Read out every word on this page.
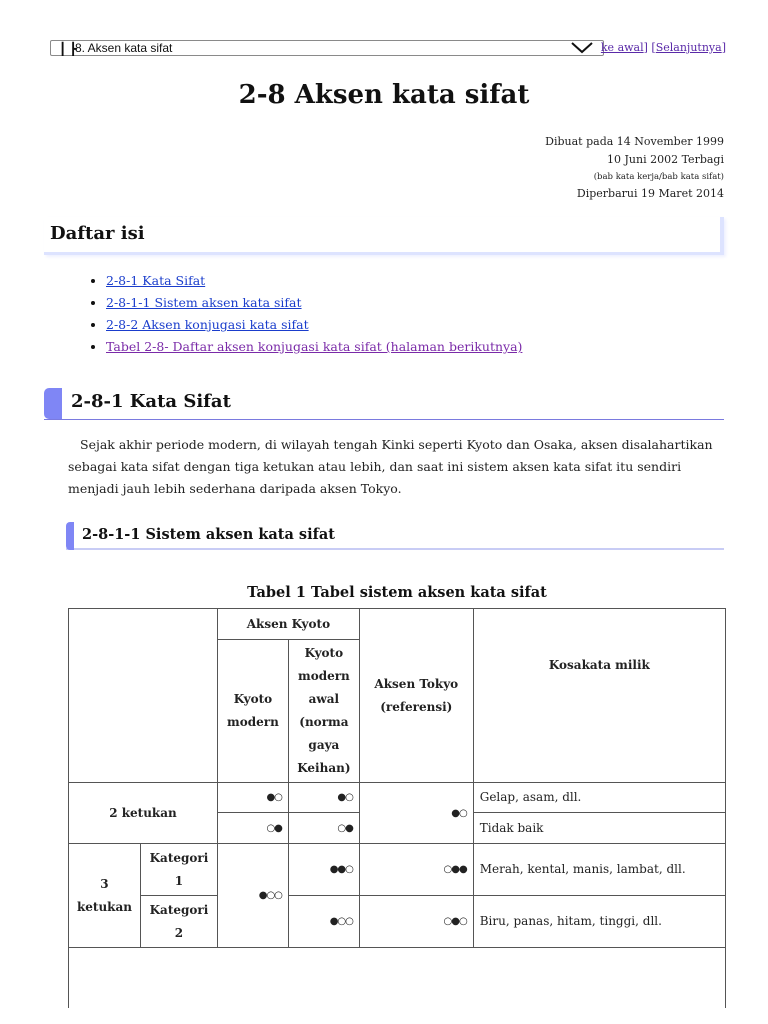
┃ ┣
8. Aksen kata sifat	ke awal] [Selanjutnya]
2-8 Aksen kata sifat
Dibuat pada 14 November 1999
10 Juni 2002 Terbagi
(bab kata kerja/bab kata sifat)
Diperbarui 19 Maret 2014
Daftar isi
• 2-8-1 Kata Sifat
• 2-8-1-1 Sistem aksen kata sifat
• 2-8-2 Aksen konjugasi kata sifat
• Tabel 2-8- Daftar aksen konjugasi kata sifat (halaman berikutnya)
2-8-1 Kata Sifat

Sejak akhir periode modern, di wilayah tengah Kinki seperti Kyoto dan Osaka, aksen disalahartikan sebagai kata sifat dengan tiga ketukan atau lebih, dan saat ini sistem aksen kata sifat itu sendiri menjadi jauh lebih sederhana daripada aksen Tokyo.

2-8-1-1 Sistem aksen kata sifat
Tabel 1 Tabel sistem aksen kata sifat
		Aksen Kyoto		Aksen Tokyo (referensi)	Kosakata milik
		Kyoto modern	Kyoto modern awal (norma gaya Keihan)		
2 ketukan		●○	●○	●○	Gelap, asam, dll.
		○●	○●		Tidak baik
3 ketukan	Kategori 1	●○○	●●○	○●●	Merah, kental, manis, lambat, dll.
	Kategori 2		●○○	○●○	Biru, panas, hitam, tinggi, dll.
